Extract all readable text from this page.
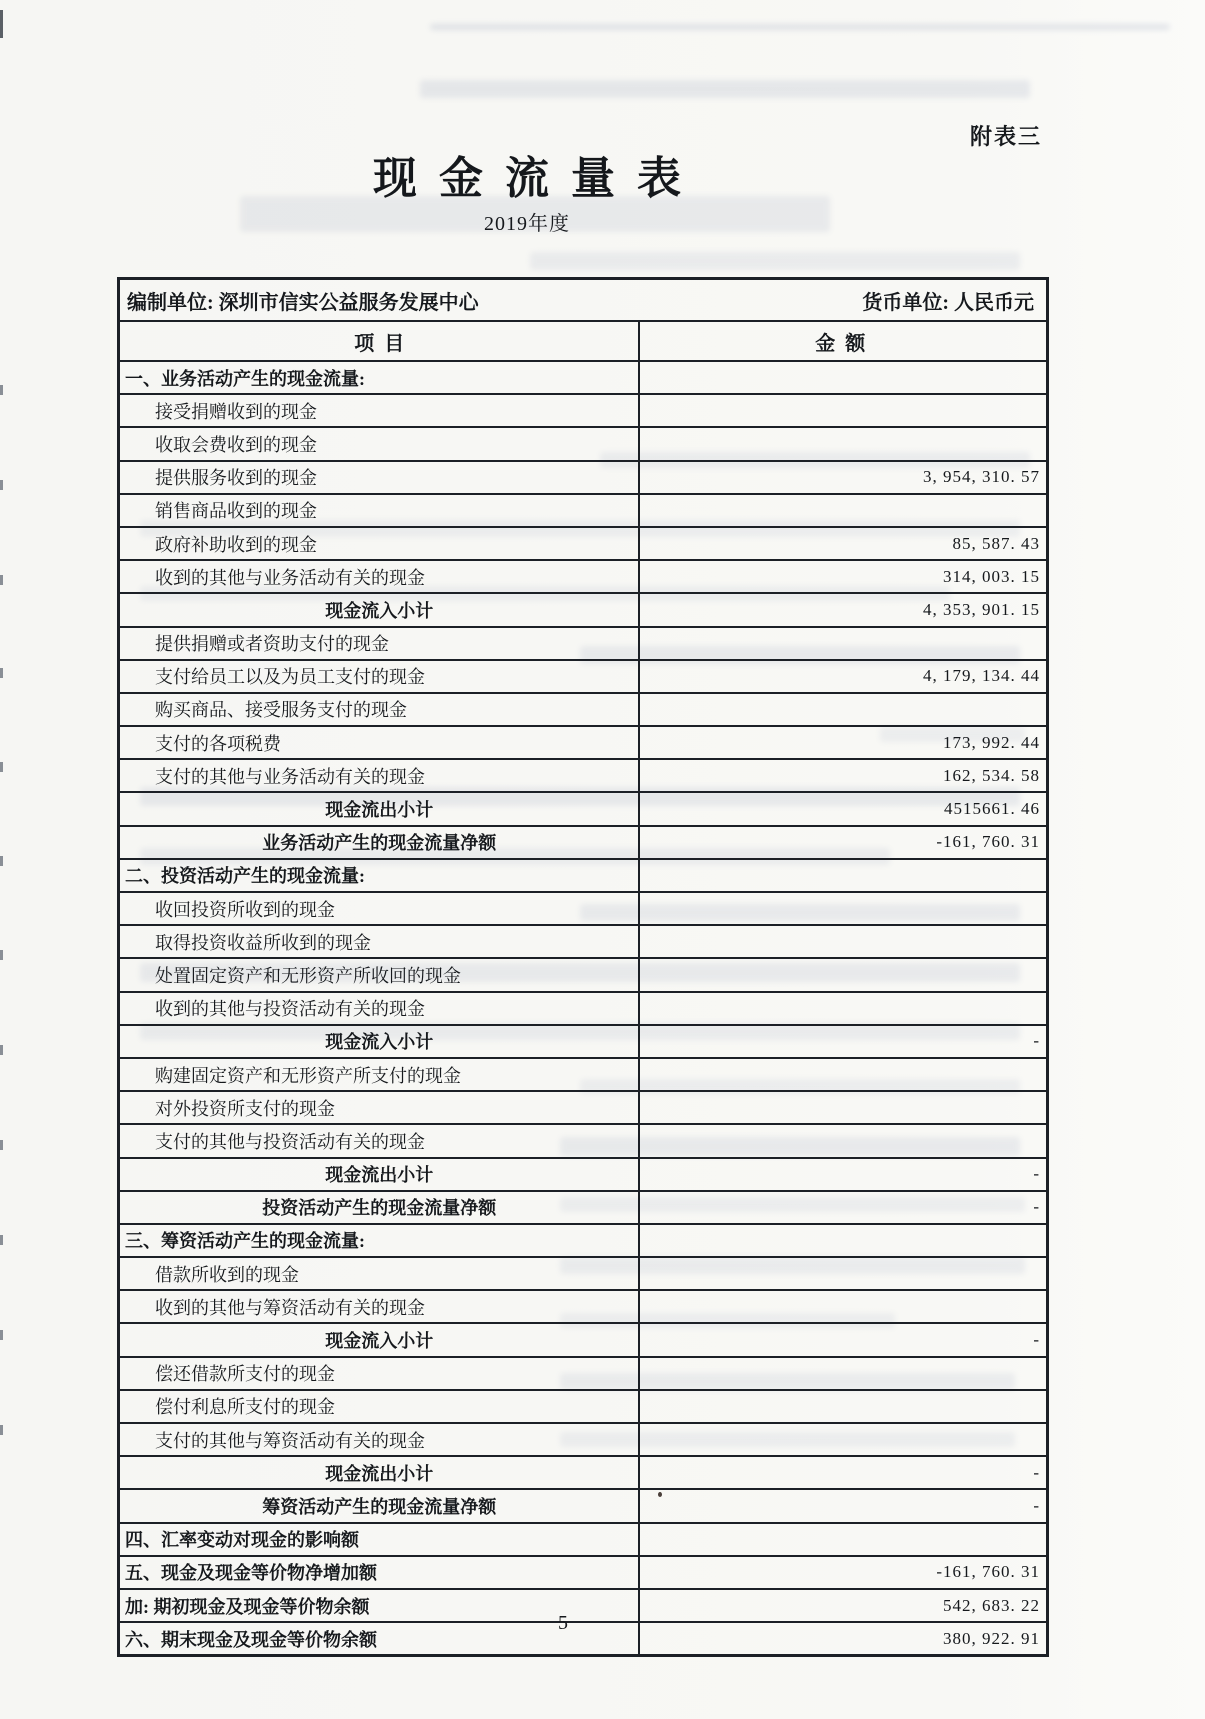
附表三
现金流量表
2019年度
编制单位: 深圳市信实公益服务发展中心	货币单位: 人民币元
项  目	金  额
一、业务活动产生的现金流量:
接受捐赠收到的现金
收取会费收到的现金
提供服务收到的现金	3, 954, 310. 57
销售商品收到的现金
政府补助收到的现金	85, 587. 43
收到的其他与业务活动有关的现金	314, 003. 15
现金流入小计	4, 353, 901. 15
提供捐赠或者资助支付的现金
支付给员工以及为员工支付的现金	4, 179, 134. 44
购买商品、接受服务支付的现金
支付的各项税费	173, 992. 44
支付的其他与业务活动有关的现金	162, 534. 58
现金流出小计	4515661. 46
业务活动产生的现金流量净额	-161, 760. 31
二、投资活动产生的现金流量:
收回投资所收到的现金
取得投资收益所收到的现金
处置固定资产和无形资产所收回的现金
收到的其他与投资活动有关的现金
现金流入小计	-
购建固定资产和无形资产所支付的现金
对外投资所支付的现金
支付的其他与投资活动有关的现金
现金流出小计	-
投资活动产生的现金流量净额	-
三、筹资活动产生的现金流量:
借款所收到的现金
收到的其他与筹资活动有关的现金
现金流入小计	-
偿还借款所支付的现金
偿付利息所支付的现金
支付的其他与筹资活动有关的现金
现金流出小计	-
筹资活动产生的现金流量净额	-
四、汇率变动对现金的影响额
五、现金及现金等价物净增加额	-161, 760. 31
加: 期初现金及现金等价物余额	542, 683. 22
六、期末现金及现金等价物余额	380, 922. 91
5
